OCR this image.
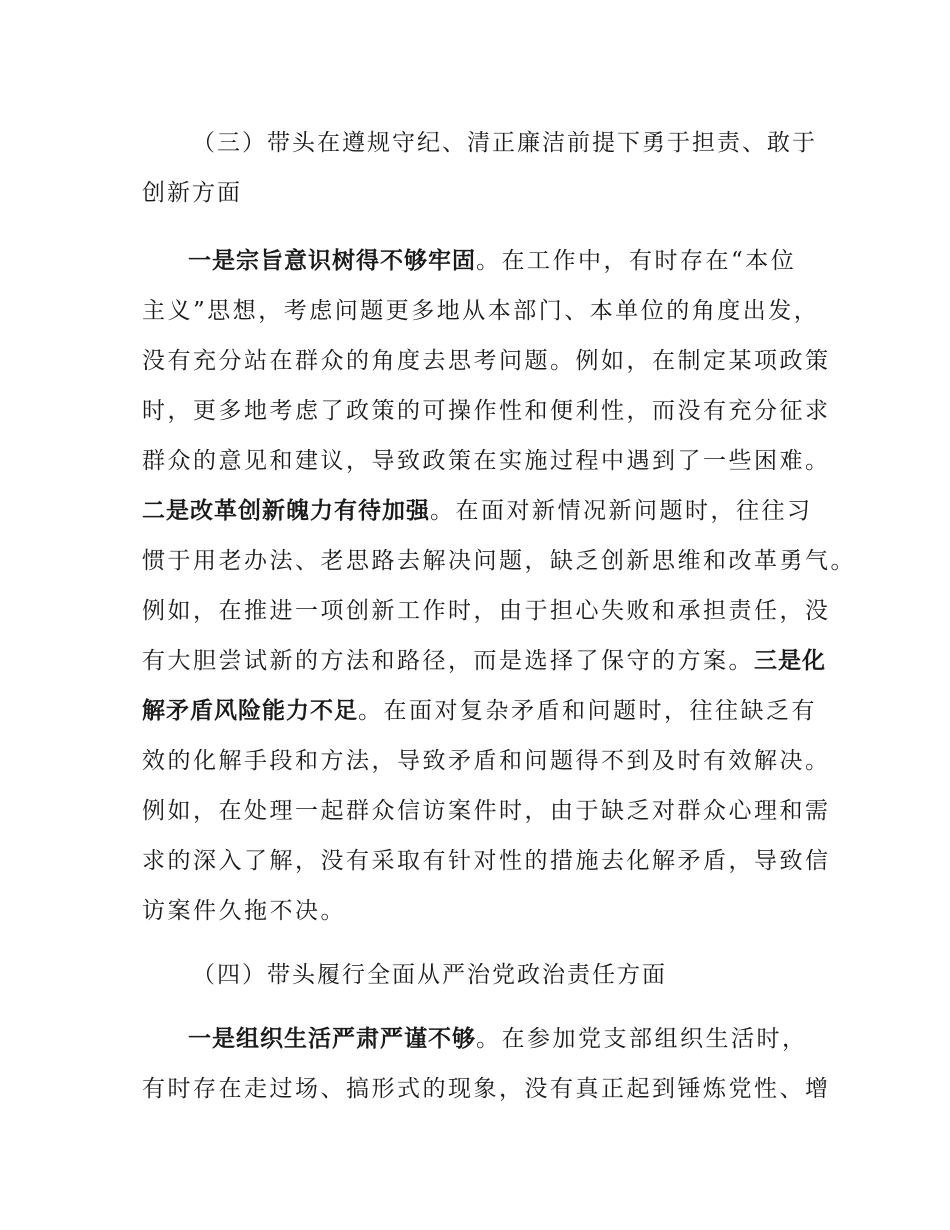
（三）带头在遵规守纪、清正廉洁前提下勇于担责、敢于
创新方面
一是宗旨意识树得不够牢固。在工作中，有时存在“本位
主义”思想，考虑问题更多地从本部门、本单位的角度出发，
没有充分站在群众的角度去思考问题。例如，在制定某项政策
时，更多地考虑了政策的可操作性和便利性，而没有充分征求
群众的意见和建议，导致政策在实施过程中遇到了一些困难。
二是改革创新魄力有待加强。在面对新情况新问题时，往往习
惯于用老办法、老思路去解决问题，缺乏创新思维和改革勇气。
例如，在推进一项创新工作时，由于担心失败和承担责任，没
有大胆尝试新的方法和路径，而是选择了保守的方案。三是化
解矛盾风险能力不足。在面对复杂矛盾和问题时，往往缺乏有
效的化解手段和方法，导致矛盾和问题得不到及时有效解决。
例如，在处理一起群众信访案件时，由于缺乏对群众心理和需
求的深入了解，没有采取有针对性的措施去化解矛盾，导致信
访案件久拖不决。
（四）带头履行全面从严治党政治责任方面
一是组织生活严肃严谨不够。在参加党支部组织生活时，
有时存在走过场、搞形式的现象，没有真正起到锤炼党性、增
